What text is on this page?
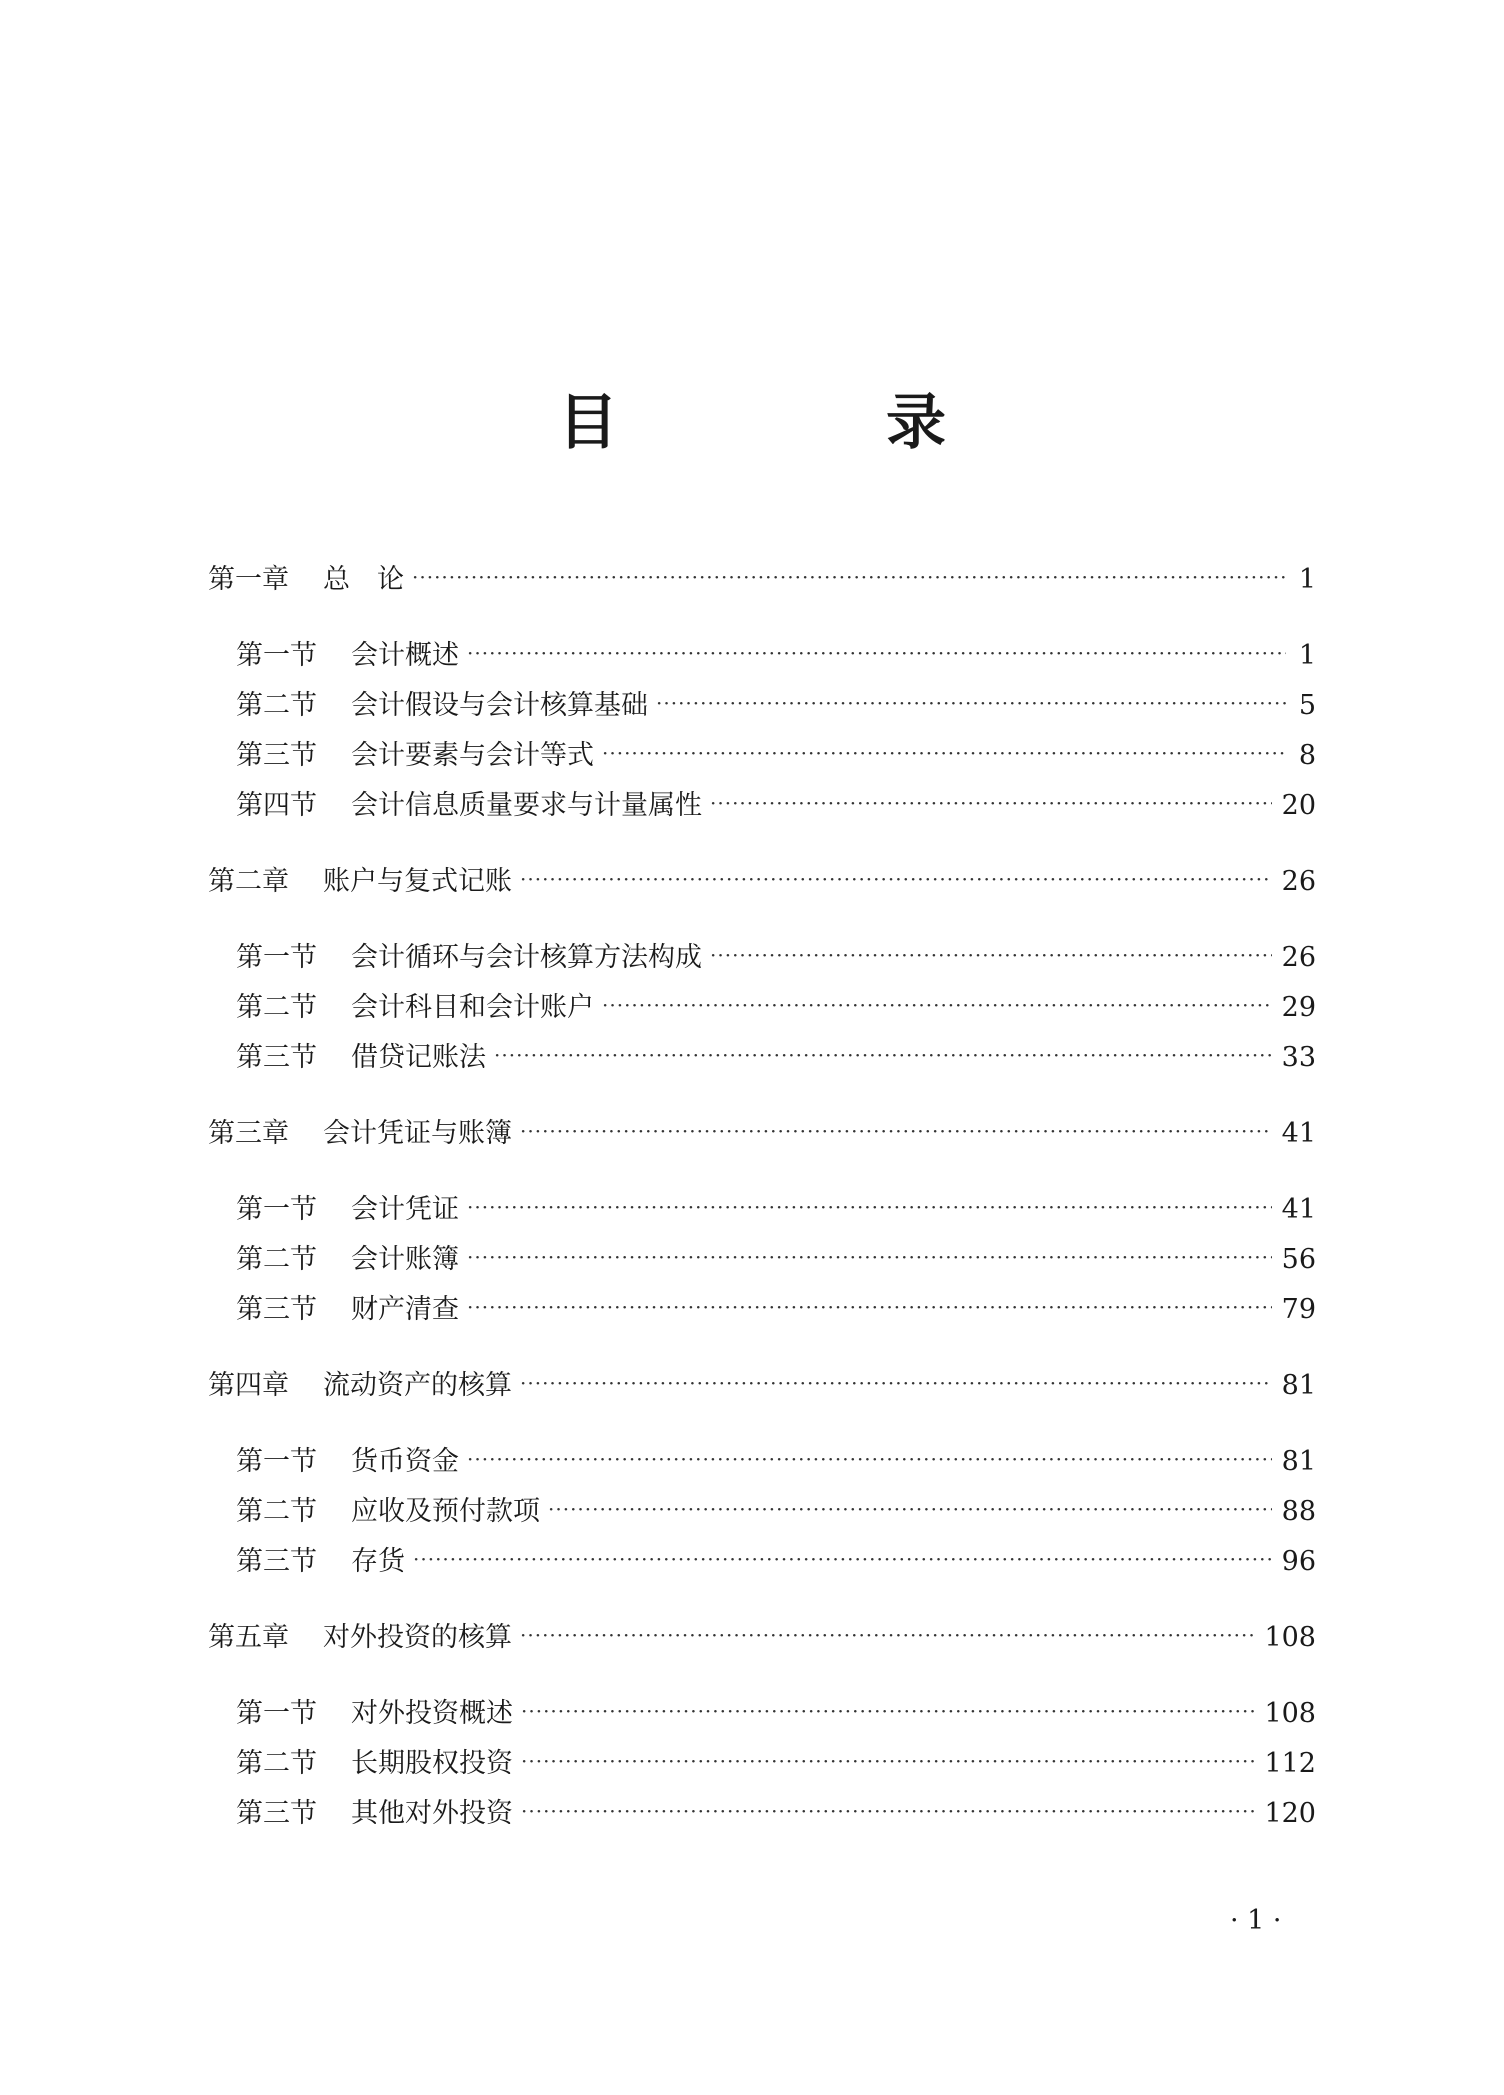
目　录
第一章	总　论 ·····	1
第一节	会计概述 ·····	1
第二节	会计假设与会计核算基础 ·····	5
第三节	会计要素与会计等式 ·····	8
第四节	会计信息质量要求与计量属性 ·····	20
第二章	账户与复式记账 ·····	26
第一节	会计循环与会计核算方法构成 ·····	26
第二节	会计科目和会计账户 ·····	29
第三节	借贷记账法 ·····	33
第三章	会计凭证与账簿 ·····	41
第一节	会计凭证 ·····	41
第二节	会计账簿 ·····	56
第三节	财产清查 ·····	79
第四章	流动资产的核算 ·····	81
第一节	货币资金 ·····	81
第二节	应收及预付款项 ·····	88
第三节	存货 ·····	96
第五章	对外投资的核算 ·····	108
第一节	对外投资概述 ·····	108
第二节	长期股权投资 ·····	112
第三节	其他对外投资 ·····	120
· 1 ·
